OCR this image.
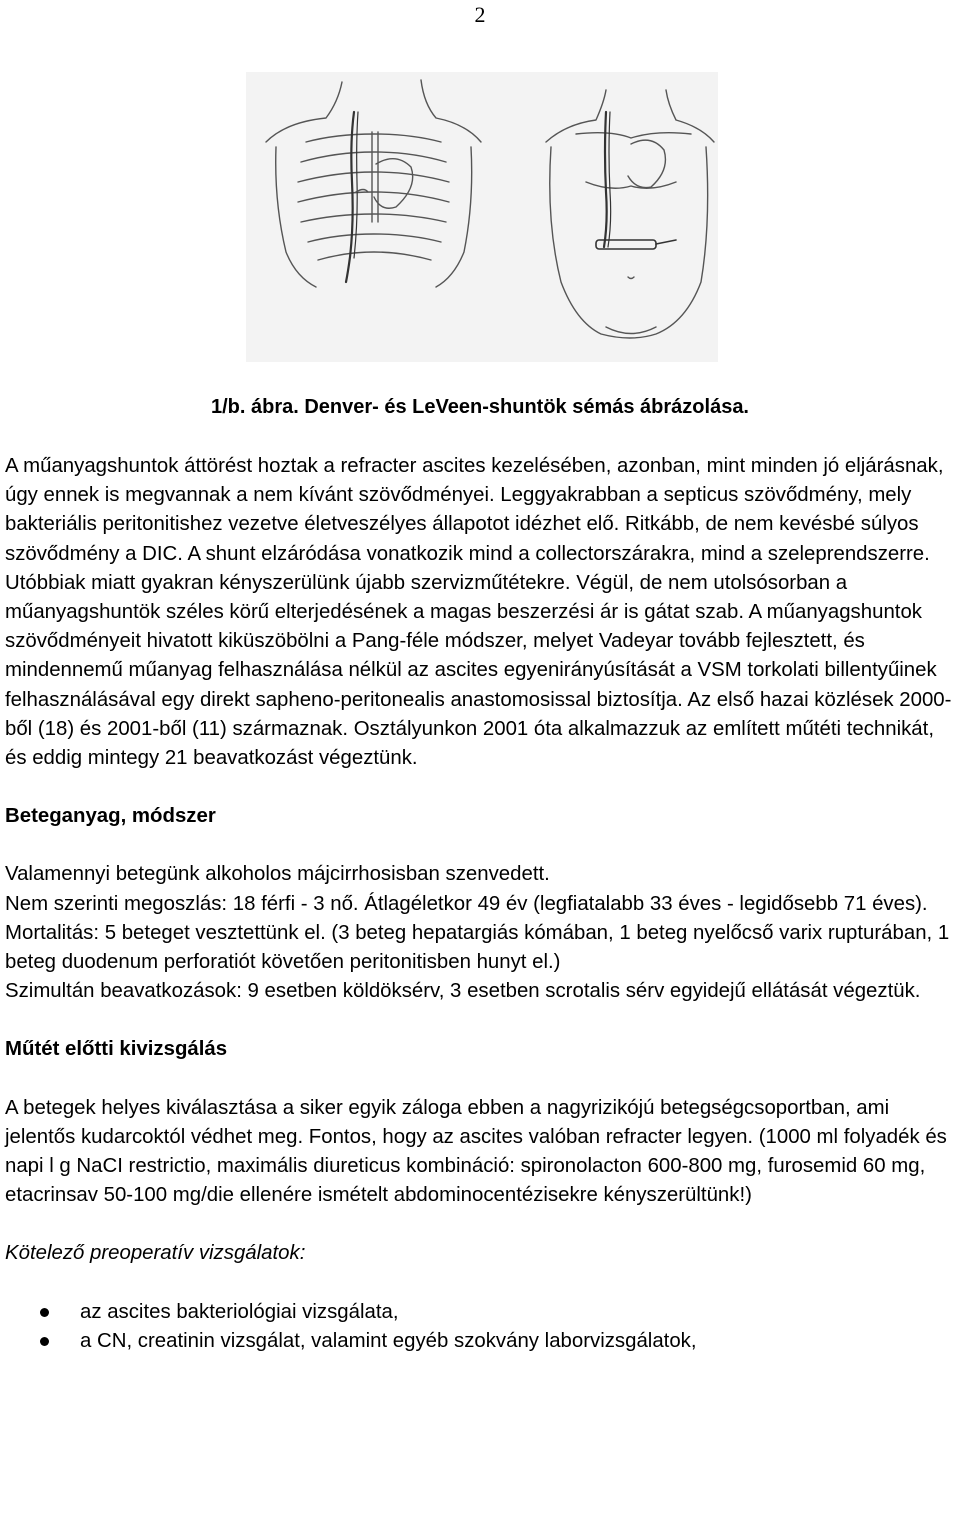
2
1/b. ábra. Denver- és LeVeen-shuntök sémás ábrázolása.

A műanyagshuntok áttörést hoztak a refracter ascites kezelésében, azonban, mint minden jó eljárásnak, úgy ennek is megvannak a nem kívánt szövődményei. Leggyakrabban a septicus szövődmény, mely bakteriális peritonitishez vezetve életveszélyes állapotot idézhet elő. Ritkább, de nem kevésbé súlyos szövődmény a DIC. A shunt elzáródása vonatkozik mind a collectorszárakra, mind a szeleprendszerre. Utóbbiak miatt gyakran kényszerülünk újabb szervizműtétekre. Végül, de nem utolsósorban a műanyagshuntök széles körű elterjedésének a magas beszerzési ár is gátat szab. A műanyagshuntok szövődményeit hivatott kiküszöbölni a Pang-féle módszer, melyet Vadeyar tovább fejlesztett, és mindennemű műanyag felhasználása nélkül az ascites egyenirányúsítását a VSM torkolati billentyűinek felhasználásával egy direkt sapheno-peritonealis anastomosissal biztosítja. Az első hazai közlések 2000-ből (18) és 2001-ből (11) származnak. Osztályunkon 2001 óta alkalmazzuk az említett műtéti technikát, és eddig mintegy 21 beavatkozást végeztünk.

Beteganyag, módszer

Valamennyi betegünk alkoholos májcirrhosisban szenvedett.

Nem szerinti megoszlás: 18 férfi - 3 nő. Átlagéletkor 49 év (legfiatalabb 33 éves - legidősebb 71 éves).

Mortalitás: 5 beteget vesztettünk el. (3 beteg hepatargiás kómában, 1 beteg nyelőcső varix rupturában, 1 beteg duodenum perforatiót követően peritonitisben hunyt el.)

Szimultán beavatkozások: 9 esetben köldöksérv, 3 esetben scrotalis sérv egyidejű ellátását végeztük.

Műtét előtti kivizsgálás

A betegek helyes kiválasztása a siker egyik záloga ebben a nagyrizikójú betegségcsoportban, ami jelentős kudarcoktól védhet meg. Fontos, hogy az ascites valóban refracter legyen. (1000 ml folyadék és napi l g NaCI restrictio, maximális diureticus kombináció: spironolacton 600-800 mg, furosemid 60 mg, etacrinsav 50-100 mg/die ellenére ismételt abdominocentézisekre kényszerültünk!)

Kötelező preoperatív vizsgálatok:

az ascites bakteriológiai vizsgálata,
a CN, creatinin vizsgálat, valamint egyéb szokvány laborvizsgálatok,
